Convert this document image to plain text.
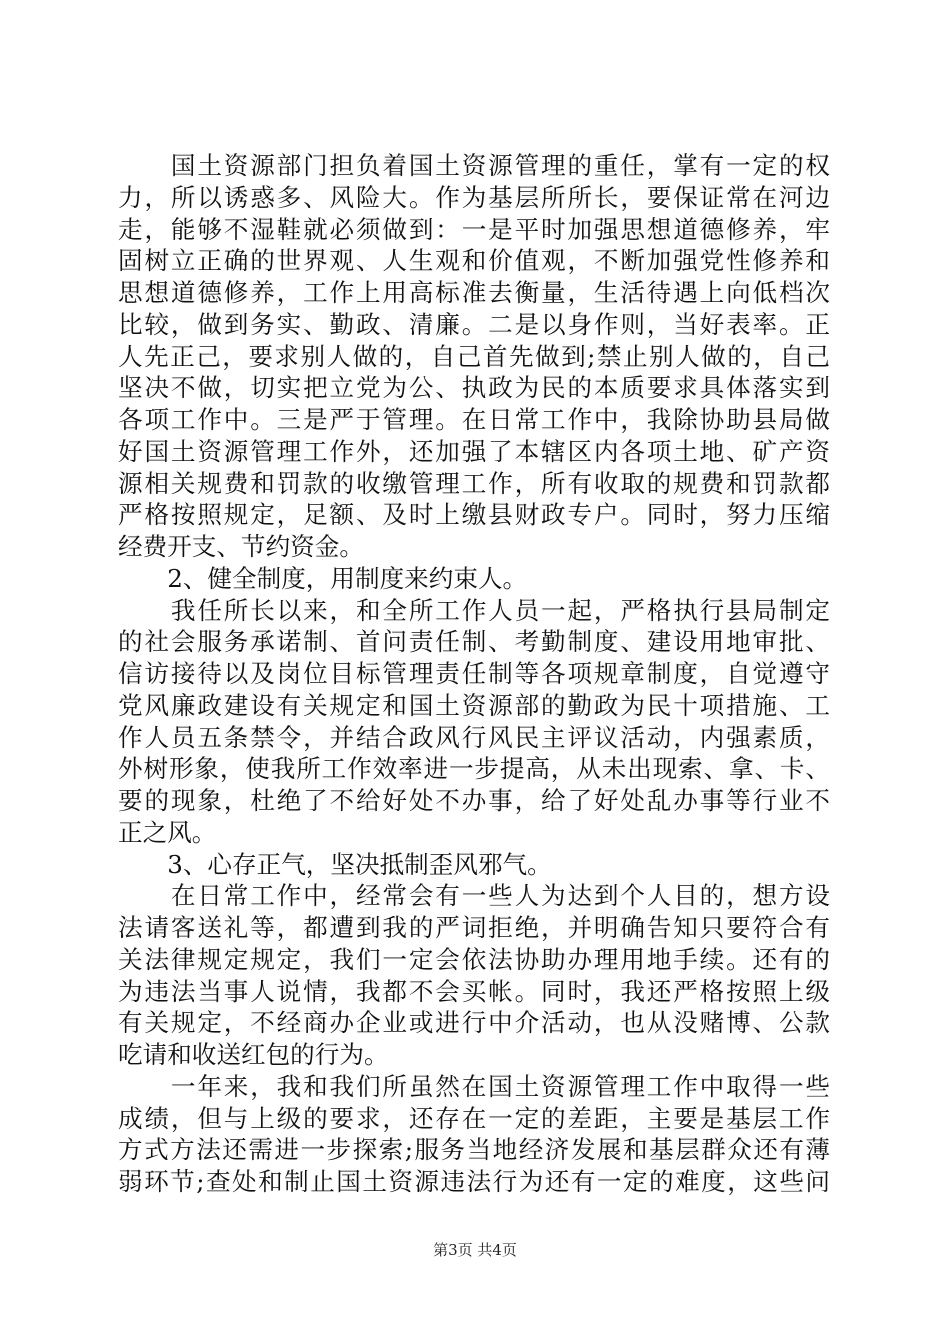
　　国土资源部门担负着国土资源管理的重任，掌有一定的权
力，所以诱惑多、风险大。作为基层所所长，要保证常在河边
走，能够不湿鞋就必须做到：一是平时加强思想道德修养，牢
固树立正确的世界观、人生观和价值观，不断加强党性修养和
思想道德修养，工作上用高标准去衡量，生活待遇上向低档次
比较，做到务实、勤政、清廉。二是以身作则，当好表率。正
人先正己，要求别人做的，自己首先做到;禁止别人做的，自己
坚决不做，切实把立党为公、执政为民的本质要求具体落实到
各项工作中。三是严于管理。在日常工作中，我除协助县局做
好国土资源管理工作外，还加强了本辖区内各项土地、矿产资
源相关规费和罚款的收缴管理工作，所有收取的规费和罚款都
严格按照规定，足额、及时上缴县财政专户。同时，努力压缩
经费开支、节约资金。
　　2、健全制度，用制度来约束人。
　　我任所长以来，和全所工作人员一起，严格执行县局制定
的社会服务承诺制、首问责任制、考勤制度、建设用地审批、
信访接待以及岗位目标管理责任制等各项规章制度，自觉遵守
党风廉政建设有关规定和国土资源部的勤政为民十项措施、工
作人员五条禁令，并结合政风行风民主评议活动，内强素质，
外树形象，使我所工作效率进一步提高，从未出现索、拿、卡、
要的现象，杜绝了不给好处不办事，给了好处乱办事等行业不
正之风。
　　3、心存正气，坚决抵制歪风邪气。
　　在日常工作中，经常会有一些人为达到个人目的，想方设
法请客送礼等，都遭到我的严词拒绝，并明确告知只要符合有
关法律规定规定，我们一定会依法协助办理用地手续。还有的
为违法当事人说情，我都不会买帐。同时，我还严格按照上级
有关规定，不经商办企业或进行中介活动，也从没赌博、公款
吃请和收送红包的行为。
　　一年来，我和我们所虽然在国土资源管理工作中取得一些
成绩，但与上级的要求，还存在一定的差距，主要是基层工作
方式方法还需进一步探索;服务当地经济发展和基层群众还有薄
弱环节;查处和制止国土资源违法行为还有一定的难度，这些问
第3页 共4页
